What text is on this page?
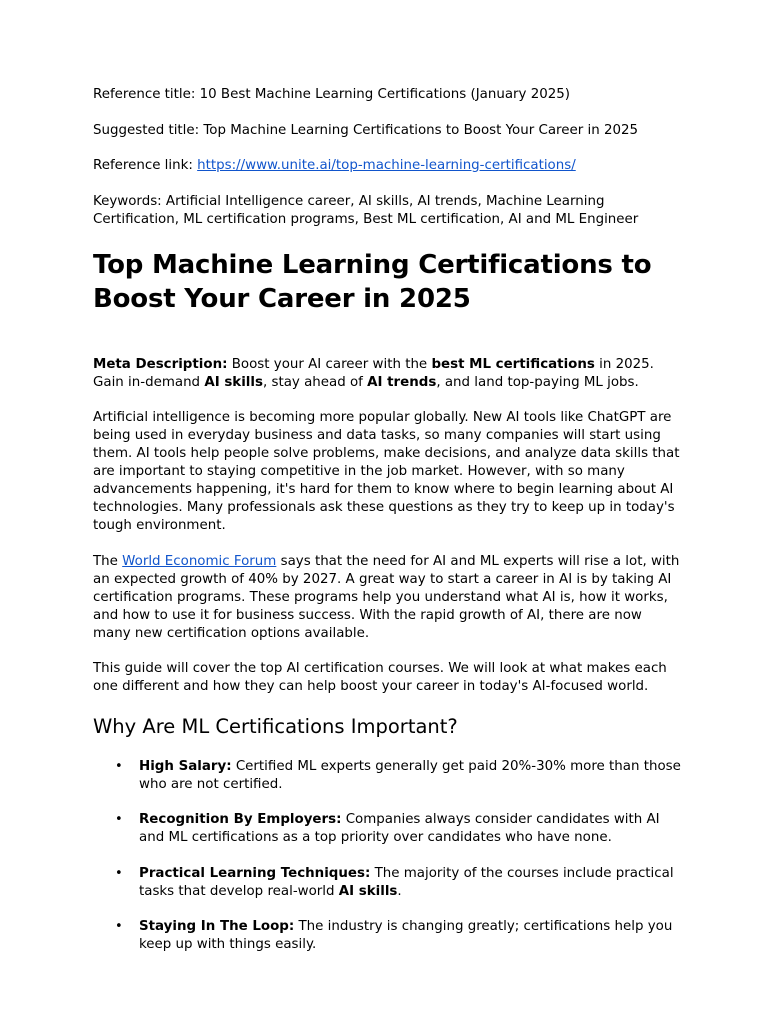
Reference title: 10 Best Machine Learning Certifications (January 2025)

Suggested title: Top Machine Learning Certifications to Boost Your Career in 2025

Reference link: https://www.unite.ai/top-machine-learning-certifications/

Keywords: Artificial Intelligence career, AI skills, AI trends, Machine Learning Certification, ML certification programs, Best ML certification, AI and ML Engineer

Top Machine Learning Certifications to Boost Your Career in 2025

Meta Description: Boost your AI career with the best ML certifications in 2025. Gain in-demand AI skills, stay ahead of AI trends, and land top-paying ML jobs.

Artificial intelligence is becoming more popular globally. New AI tools like ChatGPT are being used in everyday business and data tasks, so many companies will start using them. AI tools help people solve problems, make decisions, and analyze data skills that are important to staying competitive in the job market. However, with so many advancements happening, it's hard for them to know where to begin learning about AI technologies. Many professionals ask these questions as they try to keep up in today's tough environment.

The World Economic Forum says that the need for AI and ML experts will rise a lot, with an expected growth of 40% by 2027. A great way to start a career in AI is by taking AI certification programs. These programs help you understand what AI is, how it works, and how to use it for business success. With the rapid growth of AI, there are now many new certification options available.

This guide will cover the top AI certification courses. We will look at what makes each one different and how they can help boost your career in today's AI-focused world.

Why Are ML Certifications Important?
• High Salary: Certified ML experts generally get paid 20%-30% more than those who are not certified.
• Recognition By Employers: Companies always consider candidates with AI and ML certifications as a top priority over candidates who have none.
• Practical Learning Techniques: The majority of the courses include practical tasks that develop real-world AI skills.
• Staying In The Loop: The industry is changing greatly; certifications help you keep up with things easily.
